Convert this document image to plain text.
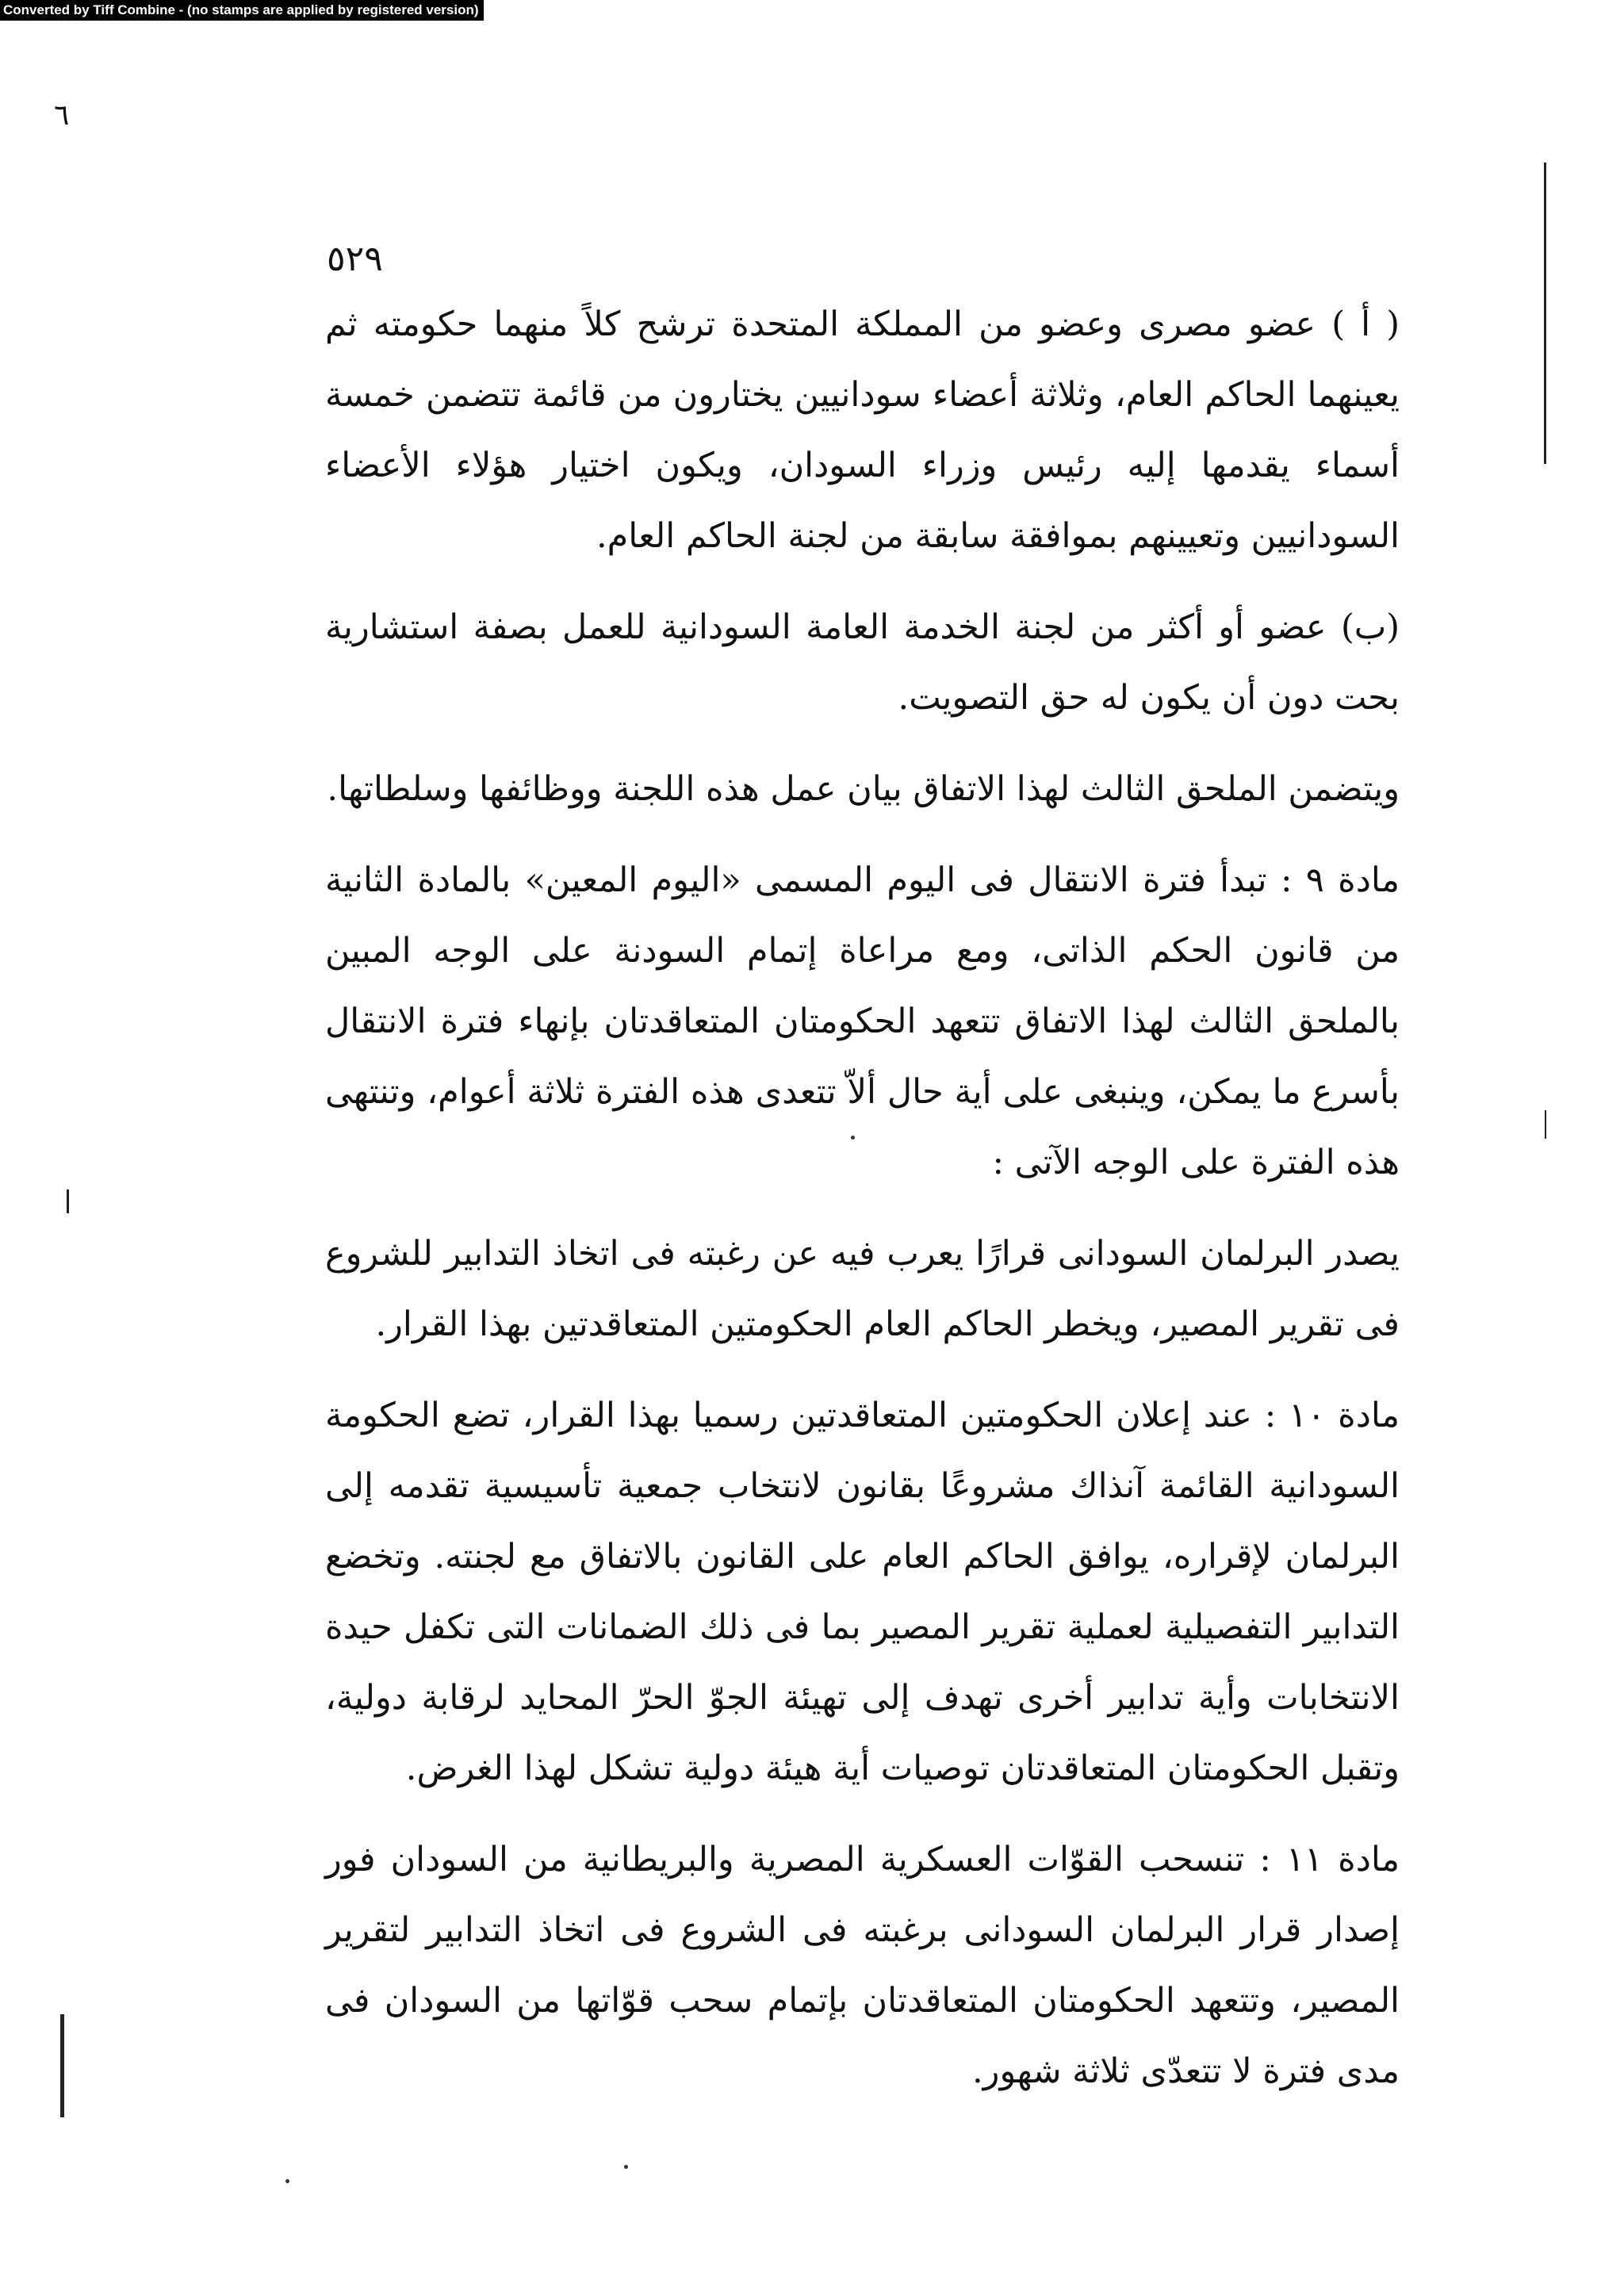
Converted by Tiff Combine - (no stamps are applied by registered version)
٦
٥٢٩

( أ ) عضو مصرى وعضو من المملكة المتحدة ترشح كلاً منهما حكومته ثم يعينهما الحاكم العام، وثلاثة أعضاء سودانيين يختارون من قائمة تتضمن خمسة أسماء يقدمها إليه رئيس وزراء السودان، ويكون اختيار هؤلاء الأعضاء السودانيين وتعيينهم بموافقة سابقة من لجنة الحاكم العام.

(ب) عضو أو أكثر من لجنة الخدمة العامة السودانية للعمل بصفة استشارية بحت دون أن يكون له حق التصويت.

ويتضمن الملحق الثالث لهذا الاتفاق بيان عمل هذه اللجنة ووظائفها وسلطاتها.

مادة ٩ : تبدأ فترة الانتقال فى اليوم المسمى «اليوم المعين» بالمادة الثانية من قانون الحكم الذاتى، ومع مراعاة إتمام السودنة على الوجه المبين بالملحق الثالث لهذا الاتفاق تتعهد الحكومتان المتعاقدتان بإنهاء فترة الانتقال بأسرع ما يمكن، وينبغى على أية حال ألاّ تتعدى هذه الفترة ثلاثة أعوام، وتنتهى هذه الفترة على الوجه الآتى :

يصدر البرلمان السودانى قرارًا يعرب فيه عن رغبته فى اتخاذ التدابير للشروع فى تقرير المصير، ويخطر الحاكم العام الحكومتين المتعاقدتين بهذا القرار.

مادة ١٠ : عند إعلان الحكومتين المتعاقدتين رسميا بهذا القرار، تضع الحكومة السودانية القائمة آنذاك مشروعًا بقانون لانتخاب جمعية تأسيسية تقدمه إلى البرلمان لإقراره، يوافق الحاكم العام على القانون بالاتفاق مع لجنته. وتخضع التدابير التفصيلية لعملية تقرير المصير بما فى ذلك الضمانات التى تكفل حيدة الانتخابات وأية تدابير أخرى تهدف إلى تهيئة الجوّ الحرّ المحايد لرقابة دولية، وتقبل الحكومتان المتعاقدتان توصيات أية هيئة دولية تشكل لهذا الغرض.

مادة ١١ : تنسحب القوّات العسكرية المصرية والبريطانية من السودان فور إصدار قرار البرلمان السودانى برغبته فى الشروع فى اتخاذ التدابير لتقرير المصير، وتتعهد الحكومتان المتعاقدتان بإتمام سحب قوّاتها من السودان فى مدى فترة لا تتعدّى ثلاثة شهور.
